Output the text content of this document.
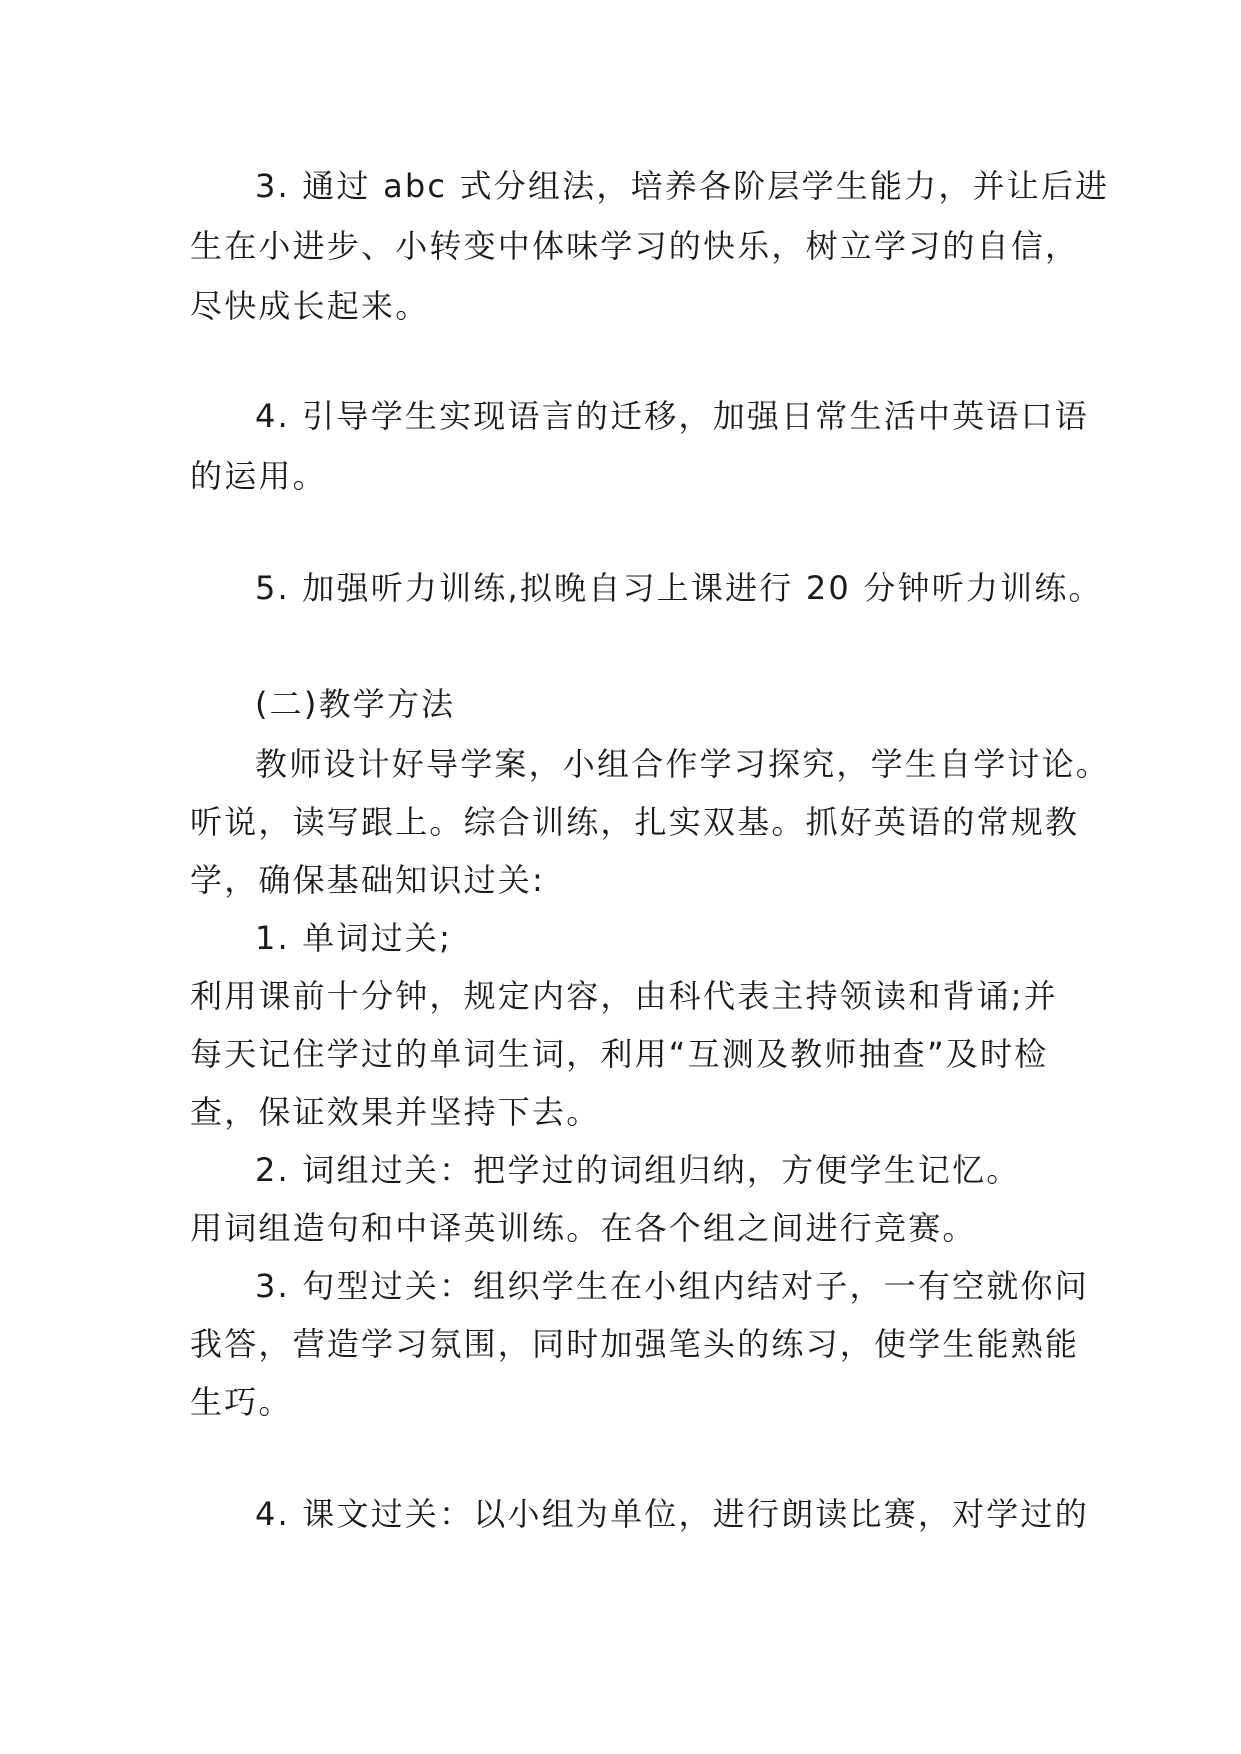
3. 通过 abc 式分组法，培养各阶层学生能力，并让后进
生在小进步、小转变中体味学习的快乐，树立学习的自信，
尽快成长起来。
4. 引导学生实现语言的迁移，加强日常生活中英语口语
的运用。
5. 加强听力训练,拟晚自习上课进行 20 分钟听力训练。
(二)教学方法
教师设计好导学案，小组合作学习探究，学生自学讨论。
听说，读写跟上。综合训练，扎实双基。抓好英语的常规教
学，确保基础知识过关:
1. 单词过关;
利用课前十分钟，规定内容，由科代表主持领读和背诵;并
每天记住学过的单词生词，利用“互测及教师抽查”及时检
查，保证效果并坚持下去。
2. 词组过关：把学过的词组归纳，方便学生记忆。
用词组造句和中译英训练。在各个组之间进行竞赛。
3. 句型过关：组织学生在小组内结对子，一有空就你问
我答，营造学习氛围，同时加强笔头的练习，使学生能熟能
生巧。
4. 课文过关：以小组为单位，进行朗读比赛，对学过的
